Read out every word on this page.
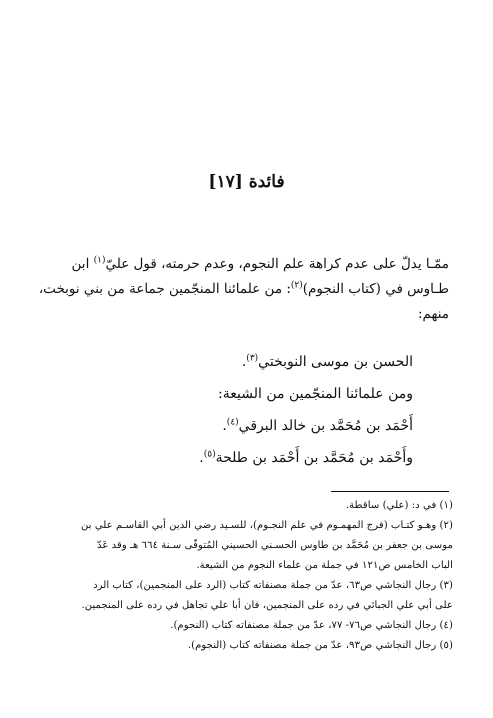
فائدة [١٧]
ممّـا يدلّ على عدم كراهة علم النجوم، وعدم حرمته، قول عليّ$^{(١)}$ ابن
طـاوس في (كتاب النجوم)$^{(٢)}$: من علمائنا المنجّمين جماعة من بني نوبخت،
منهم:
الحسن بن موسى النوبختي$^{(٣)}$.
ومن علمائنا المنجّمين من الشيعة:
أَحْمَد بن مُحَمَّد بن خالد البرقي$^{(٤)}$.
وأَحْمَد بن مُحَمَّد بن أَحْمَد بن طلحة$^{(٥)}$.
(١) في د: (علي) ساقطة.
(٢) وهـو كتـاب (فرج المهمـوم في علم النجـوم)، للسـيد رضي الدين أبي القاسـم علي بن
موسى بن جعفر بن مُحَمَّد بن طاوس الحسـني الحسيني المُتوفّى سـنة ٦٦٤ هـ وقد عَدّ
الباب الخامس ص١٢١ في جملة من علماء النجوم من الشيعة.
(٣) رجال النجاشي ص٦٣، عدّ من جملة مصنفاته كتاب (الرد على المنجمين)، كتاب الرد
على أبي علي الجبائي في رده على المنجمين، فان أبا علي تجاهل في رده على المنجمين.
(٤) رجال النجاشي ص٧٦- ٧٧، عدّ من جملة مصنفاته كتاب (النجوم).
(٥) رجال النجاشي ص٩٣، عدّ من جملة مصنفاته كتاب (النجوم).
